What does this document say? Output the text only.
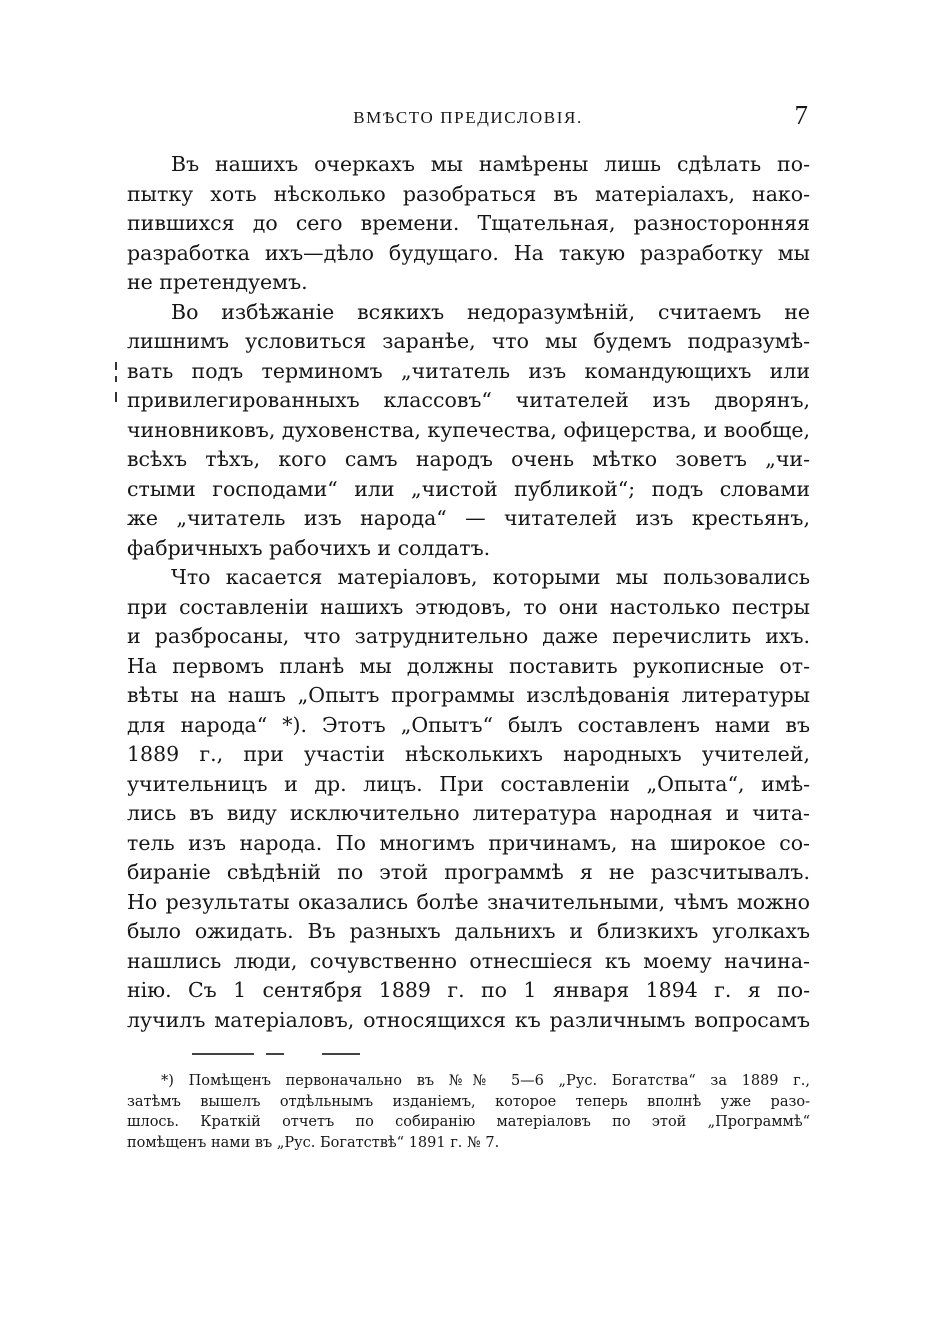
ВМѢСТО ПРЕДИСЛОВІЯ.	7
Въ нашихъ очеркахъ мы намѣрены лишь сдѣлать по-
пытку хоть нѣсколько разобраться въ матеріалахъ, нако-
пившихся до сего времени. Тщательная, разносторонняя
разработка ихъ—дѣло будущаго. На такую разработку мы
не претендуемъ.
Во избѣжаніе всякихъ недоразумѣній, считаемъ не
лишнимъ условиться заранѣе, что мы будемъ подразумѣ-
вать подъ терминомъ „читатель изъ командующихъ или
привилегированныхъ классовъ“ читателей изъ дворянъ,
чиновниковъ, духовенства, купечества, офицерства, и вообще,
всѣхъ тѣхъ, кого самъ народъ очень мѣтко зоветъ „чи-
стыми господами“ или „чистой публикой“; подъ словами
же „читатель изъ народа“ — читателей изъ крестьянъ,
фабричныхъ рабочихъ и солдатъ.
Что касается матеріаловъ, которыми мы пользовались
при составленіи нашихъ этюдовъ, то они настолько пестры
и разбросаны, что затруднительно даже перечислить ихъ.
На первомъ планѣ мы должны поставить рукописные от-
вѣты на нашъ „Опытъ программы изслѣдованія литературы
для народа“ *). Этотъ „Опытъ“ былъ составленъ нами въ
1889 г., при участіи нѣсколькихъ народныхъ учителей,
учительницъ и др. лицъ. При составленіи „Опыта“, имѣ-
лись въ виду исключительно литература народная и чита-
тель изъ народа. По многимъ причинамъ, на широкое со-
бираніе свѣдѣній по этой программѣ я не разсчитывалъ.
Но результаты оказались болѣе значительными, чѣмъ можно
было ожидать. Въ разныхъ дальнихъ и близкихъ уголкахъ
нашлись люди, сочувственно отнесшіеся къ моему начина-
нію. Съ 1 сентября 1889 г. по 1 января 1894 г. я по-
лучилъ матеріаловъ, относящихся къ различнымъ вопросамъ
*) Помѣщенъ первоначально въ №№ 5—6 „Рус. Богатства“ за 1889 г.,
затѣмъ вышелъ отдѣльнымъ изданіемъ, которое теперь вполнѣ уже разо-
шлось. Краткій отчетъ по собиранію матеріаловъ по этой „Программѣ“
помѣщенъ нами въ „Рус. Богатствѣ“ 1891 г. № 7.
